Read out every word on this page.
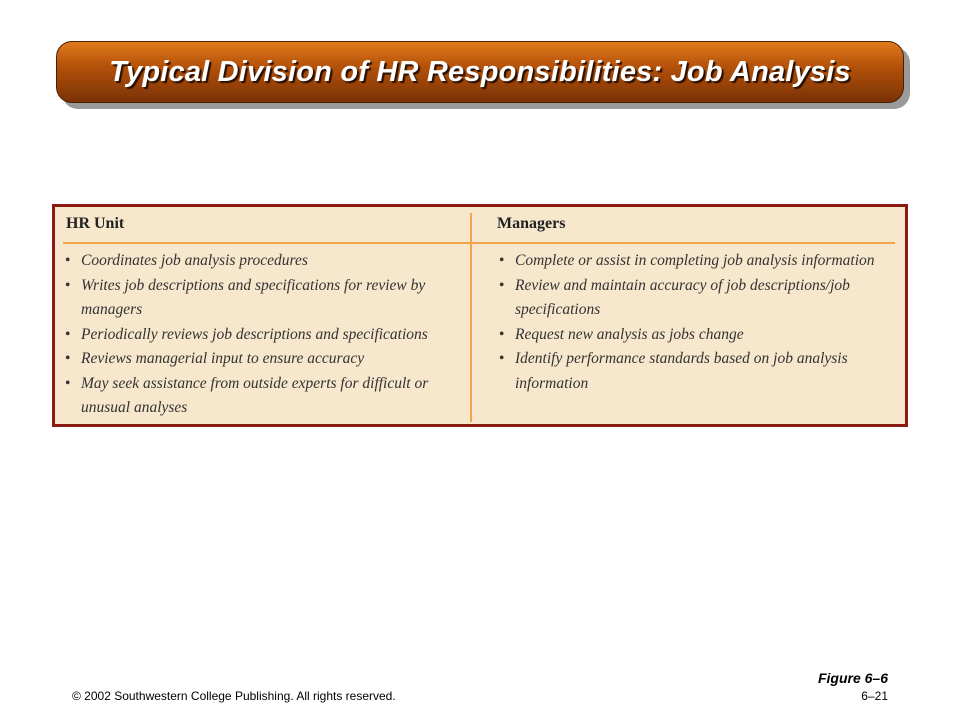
Typical Division of HR Responsibilities: Job Analysis
HR Unit
• Coordinates job analysis procedures
• Writes job descriptions and specifications for review by managers
• Periodically reviews job descriptions and specifications
• Reviews managerial input to ensure accuracy
• May seek assistance from outside experts for difficult or unusual analyses
Managers
• Complete or assist in completing job analysis information
• Review and maintain accuracy of job descriptions/job specifications
• Request new analysis as jobs change
• Identify performance standards based on job analysis information
Figure 6–6
© 2002 Southwestern College Publishing. All rights reserved.	6–21
